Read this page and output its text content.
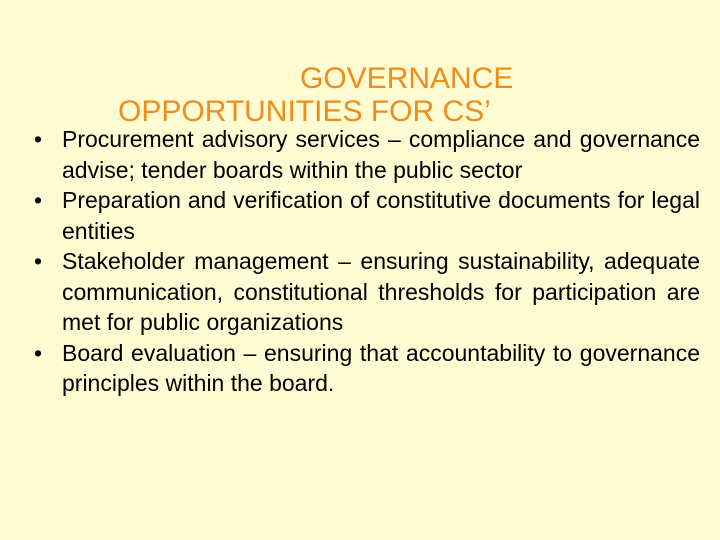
GOVERNANCE
OPPORTUNITIES FOR CS’
• Procurement advisory services – compliance and governance advise; tender boards within the public sector
• Preparation and verification of constitutive documents for legal entities
• Stakeholder management – ensuring sustainability, adequate communication, constitutional thresholds for participation are met for public organizations
• Board evaluation – ensuring that accountability to governance principles within the board.
